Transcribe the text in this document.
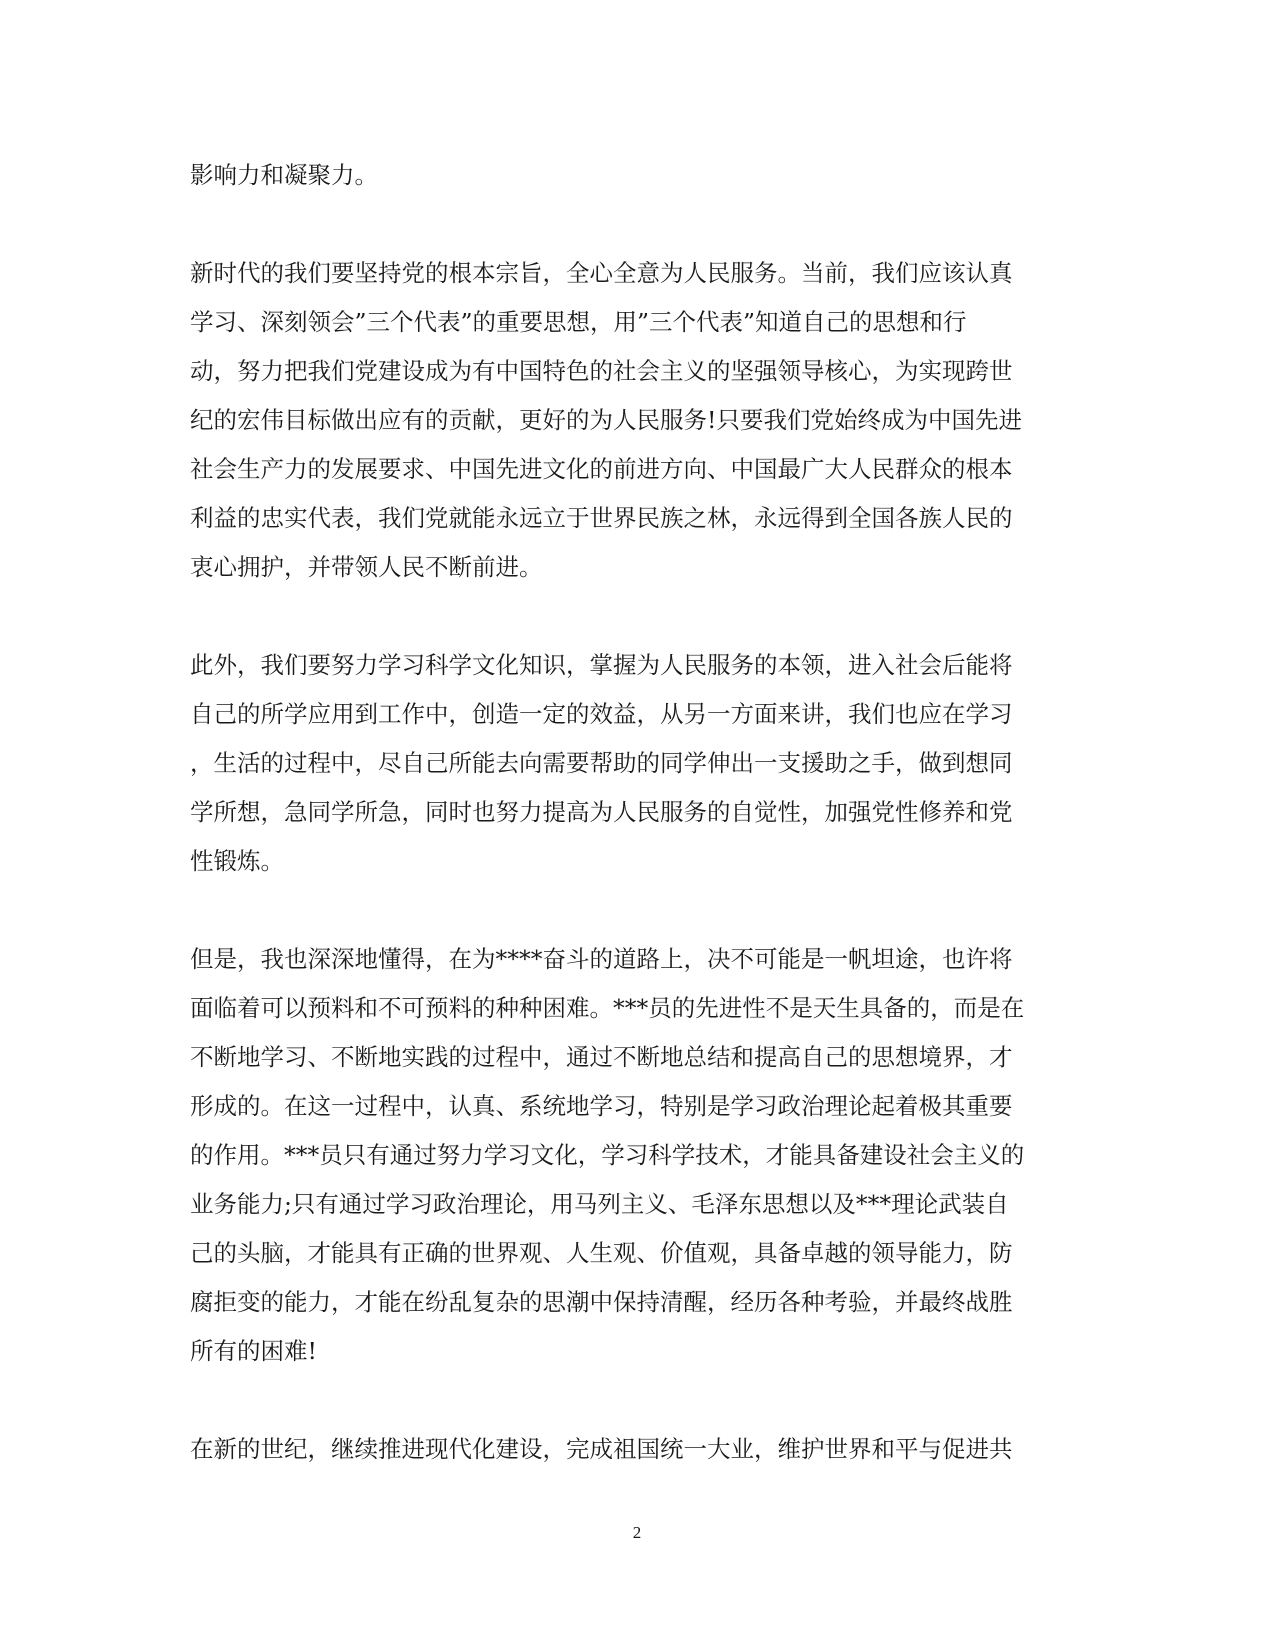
影响力和凝聚力。
新时代的我们要坚持党的根本宗旨，全心全意为人民服务。当前，我们应该认真
学习、深刻领会”三个代表”的重要思想，用”三个代表”知道自己的思想和行
动，努力把我们党建设成为有中国特色的社会主义的坚强领导核心，为实现跨世
纪的宏伟目标做出应有的贡献，更好的为人民服务!只要我们党始终成为中国先进
社会生产力的发展要求、中国先进文化的前进方向、中国最广大人民群众的根本
利益的忠实代表，我们党就能永远立于世界民族之林，永远得到全国各族人民的
衷心拥护，并带领人民不断前进。
此外，我们要努力学习科学文化知识，掌握为人民服务的本领，进入社会后能将
自己的所学应用到工作中，创造一定的效益，从另一方面来讲，我们也应在学习
，生活的过程中，尽自己所能去向需要帮助的同学伸出一支援助之手，做到想同
学所想，急同学所急，同时也努力提高为人民服务的自觉性，加强党性修养和党
性锻炼。
但是，我也深深地懂得，在为****奋斗的道路上，决不可能是一帆坦途，也许将
面临着可以预料和不可预料的种种困难。***员的先进性不是天生具备的，而是在
不断地学习、不断地实践的过程中，通过不断地总结和提高自己的思想境界，才
形成的。在这一过程中，认真、系统地学习，特别是学习政治理论起着极其重要
的作用。***员只有通过努力学习文化，学习科学技术，才能具备建设社会主义的
业务能力;只有通过学习政治理论，用马列主义、毛泽东思想以及***理论武装自
己的头脑，才能具有正确的世界观、人生观、价值观，具备卓越的领导能力，防
腐拒变的能力，才能在纷乱复杂的思潮中保持清醒，经历各种考验，并最终战胜
所有的困难!
在新的世纪，继续推进现代化建设，完成祖国统一大业，维护世界和平与促进共
2
